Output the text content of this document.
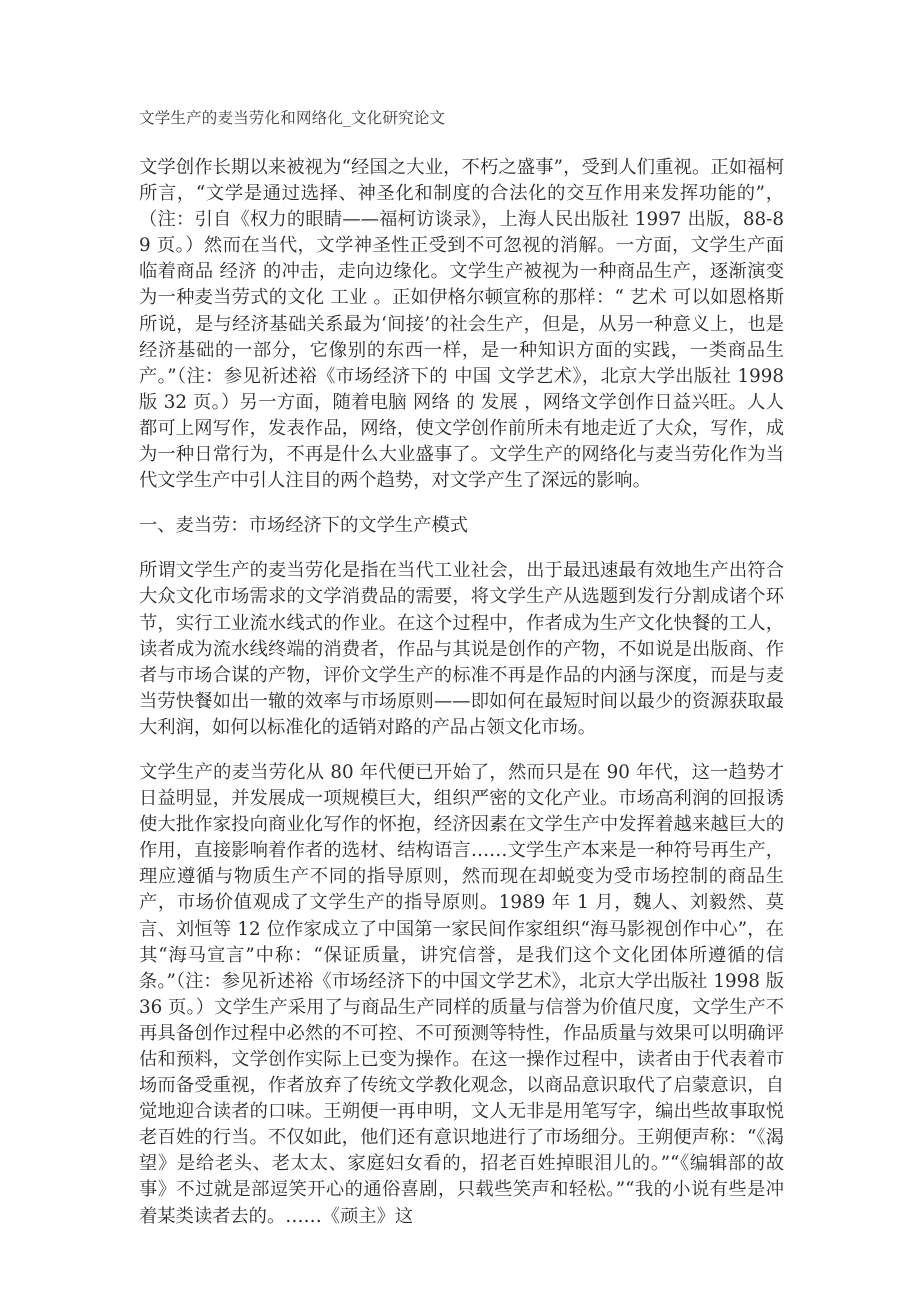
文学生产的麦当劳化和网络化_文化研究论文

文学创作长期以来被视为“经国之大业，不朽之盛事”，受到人们重视。正如福柯所言，“文学是通过选择、神圣化和制度的合法化的交互作用来发挥功能的”，（注：引自《权力的眼睛——福柯访谈录》，上海人民出版社 1997 出版，88-89 页。）然而在当代，文学神圣性正受到不可忽视的消解。一方面，文学生产面临着商品 经济 的冲击，走向边缘化。文学生产被视为一种商品生产，逐渐演变为一种麦当劳式的文化 工业 。正如伊格尔顿宣称的那样：“ 艺术 可以如恩格斯所说，是与经济基础关系最为‘间接’的社会生产，但是，从另一种意义上，也是经济基础的一部分，它像别的东西一样，是一种知识方面的实践，一类商品生产。”（注：参见祈述裕《市场经济下的 中国 文学艺术》，北京大学出版社 1998 版 32 页。）另一方面，随着电脑 网络 的 发展 ，网络文学创作日益兴旺。人人都可上网写作，发表作品，网络，使文学创作前所未有地走近了大众，写作，成为一种日常行为，不再是什么大业盛事了。文学生产的网络化与麦当劳化作为当代文学生产中引人注目的两个趋势，对文学产生了深远的影响。

一、麦当劳：市场经济下的文学生产模式

所谓文学生产的麦当劳化是指在当代工业社会，出于最迅速最有效地生产出符合大众文化市场需求的文学消费品的需要，将文学生产从选题到发行分割成诸个环节，实行工业流水线式的作业。在这个过程中，作者成为生产文化快餐的工人，读者成为流水线终端的消费者，作品与其说是创作的产物，不如说是出版商、作者与市场合谋的产物，评价文学生产的标准不再是作品的内涵与深度，而是与麦当劳快餐如出一辙的效率与市场原则——即如何在最短时间以最少的资源获取最大利润，如何以标准化的适销对路的产品占领文化市场。

文学生产的麦当劳化从 80 年代便已开始了，然而只是在 90 年代，这一趋势才日益明显，并发展成一项规模巨大，组织严密的文化产业。市场高利润的回报诱使大批作家投向商业化写作的怀抱，经济因素在文学生产中发挥着越来越巨大的作用，直接影响着作者的选材、结构语言……文学生产本来是一种符号再生产，理应遵循与物质生产不同的指导原则，然而现在却蜕变为受市场控制的商品生产，市场价值观成了文学生产的指导原则。1989 年 1 月，魏人、刘毅然、莫言、刘恒等 12 位作家成立了中国第一家民间作家组织“海马影视创作中心”，在其“海马宣言”中称：“保证质量，讲究信誉，是我们这个文化团体所遵循的信条。”（注：参见祈述裕《市场经济下的中国文学艺术》，北京大学出版社 1998 版 36 页。）文学生产采用了与商品生产同样的质量与信誉为价值尺度，文学生产不再具备创作过程中必然的不可控、不可预测等特性，作品质量与效果可以明确评估和预料，文学创作实际上已变为操作。在这一操作过程中，读者由于代表着市场而备受重视，作者放弃了传统文学教化观念，以商品意识取代了启蒙意识，自觉地迎合读者的口味。王朔便一再申明，文人无非是用笔写字，编出些故事取悦老百姓的行当。不仅如此，他们还有意识地进行了市场细分。王朔便声称：“《渴望》是给老头、老太太、家庭妇女看的，招老百姓掉眼泪儿的。”“《编辑部的故事》不过就是部逗笑开心的通俗喜剧，只载些笑声和轻松。”“我的小说有些是冲着某类读者去的。……《顽主》这
